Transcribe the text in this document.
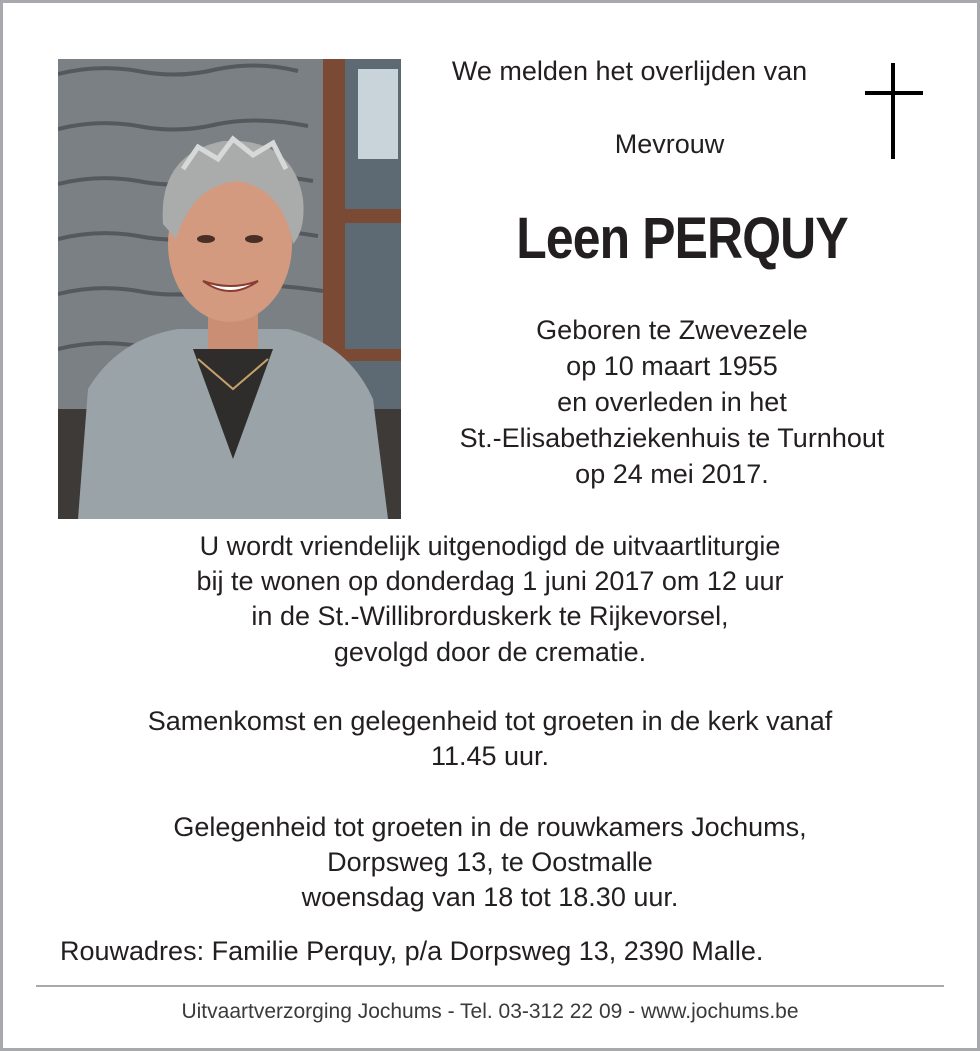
We melden het overlijden van
Mevrouw
Leen PERQUY
Geboren te Zwevezele
op 10 maart 1955
en overleden in het
St.-Elisabethziekenhuis te Turnhout
op 24 mei 2017.
U wordt vriendelijk uitgenodigd de uitvaartliturgie
bij te wonen op donderdag 1 juni 2017 om 12 uur
in de St.-Willibrorduskerk te Rijkevorsel,
gevolgd door de crematie.
Samenkomst en gelegenheid tot groeten in de kerk vanaf
11.45 uur.
Gelegenheid tot groeten in de rouwkamers Jochums,
Dorpsweg 13, te Oostmalle
woensdag van 18 tot 18.30 uur.
Rouwadres: Familie Perquy, p/a Dorpsweg 13, 2390 Malle.
Uitvaartverzorging Jochums - Tel. 03-312 22 09 - www.jochums.be
